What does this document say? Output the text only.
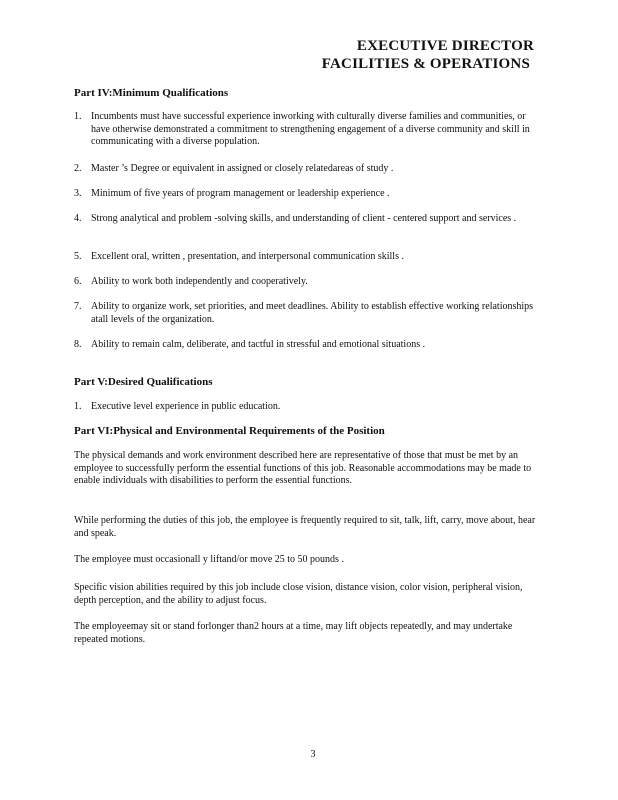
EXECUTIVE DIRECTOR
FACILITIES & OPERATIONS
Part IV:Minimum Qualifications
1. Incumbents must have successful experience inworking with culturally diverse families and communities, or have otherwise demonstrated a commitment to strengthening engagement of a diverse community and skill in communicating with a diverse population.
2. Master ’s Degree or equivalent in assigned or closely relatedareas of study .
3. Minimum of five years of program management or leadership experience .
4. Strong analytical and problem -solving skills, and understanding of client - centered support and services .
5. Excellent oral, written , presentation, and interpersonal communication skills .
6. Ability to work both independently and cooperatively.
7. Ability to organize work, set priorities, and meet deadlines. Ability to establish effective working relationships atall levels of the organization.
8. Ability to remain calm, deliberate, and tactful in stressful and emotional situations .
Part V:Desired Qualifications
1. Executive level experience in public education.
Part VI:Physical and Environmental Requirements of the Position

The physical demands and work environment described here are representative of those that must be met by an employee to successfully perform the essential functions of this job. Reasonable accommodations may be made to enable individuals with disabilities to perform the essential functions.

While performing the duties of this job, the employee is frequently required to sit, talk, lift, carry, move about, hear and speak.

The employee must occasionall y liftand/or move 25 to 50 pounds .

Specific vision abilities required by this job include close vision, distance vision, color vision, peripheral vision, depth perception, and the ability to adjust focus.

The employeemay sit or stand forlonger than2 hours at a time, may lift objects repeatedly, and may undertake repeated motions.

3
